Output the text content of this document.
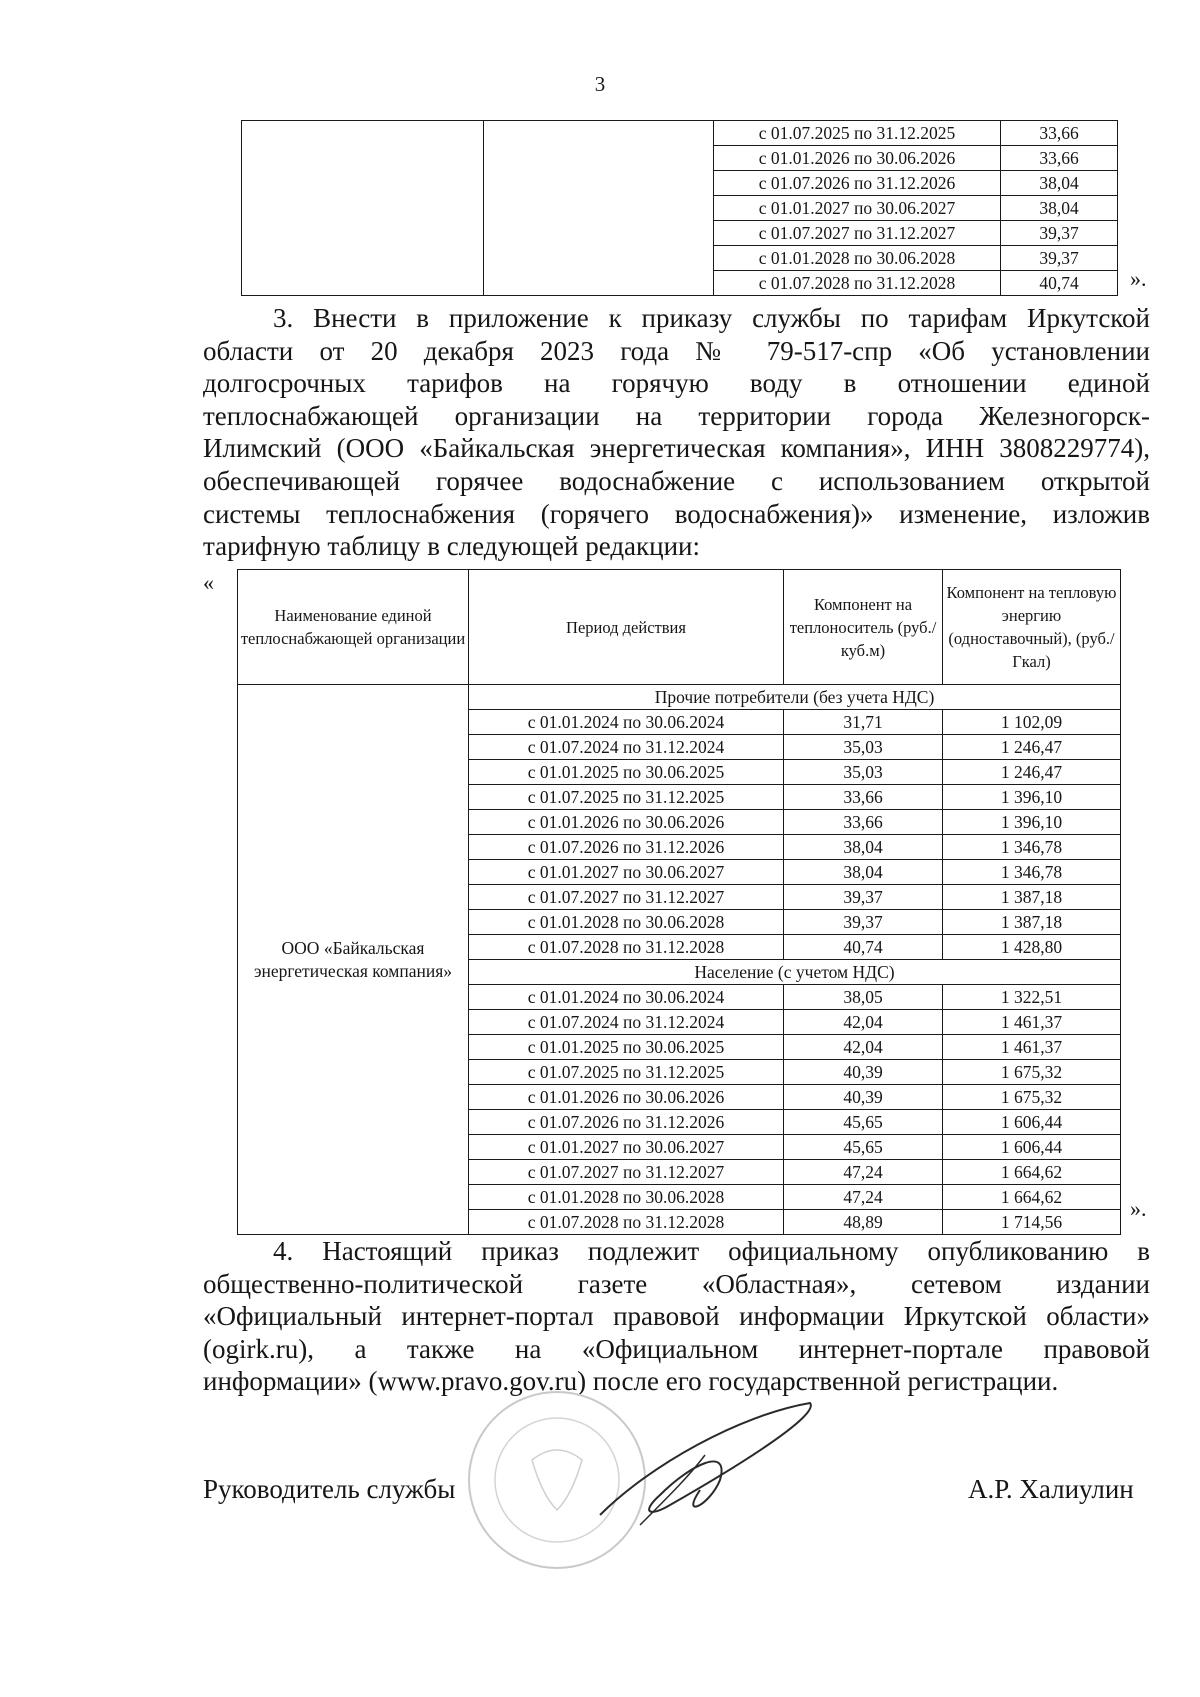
3
		с 01.07.2025 по 31.12.2025	33,66
		с 01.01.2026 по 30.06.2026	33,66
		с 01.07.2026 по 31.12.2026	38,04
		с 01.01.2027 по 30.06.2027	38,04
		с 01.07.2027 по 31.12.2027	39,37
		с 01.01.2028 по 30.06.2028	39,37
		с 01.07.2028 по 31.12.2028	40,74 ».
3. Внести в приложение к приказу службы по тарифам Иркутской
области от 20 декабря 2023 года № 79-517-спр «Об установлении
долгосрочных тарифов на горячую воду в отношении единой
теплоснабжающей организации на территории города Железногорск-
Илимский (ООО «Байкальская энергетическая компания», ИНН 3808229774),
обеспечивающей горячее водоснабжение с использованием открытой
системы теплоснабжения (горячего водоснабжения)» изменение, изложив
тарифную таблицу в следующей редакции:
«
Наименование единой теплоснабжающей организации	Период действия	Компонент на теплоноситель (руб./куб.м)	Компонент на тепловую энергию (одноставочный), (руб./Гкал)
ООО «Байкальская энергетическая компания»	Прочие потребители (без учета НДС)		
	с 01.01.2024 по 30.06.2024	31,71	1 102,09
	с 01.07.2024 по 31.12.2024	35,03	1 246,47
	с 01.01.2025 по 30.06.2025	35,03	1 246,47
	с 01.07.2025 по 31.12.2025	33,66	1 396,10
	с 01.01.2026 по 30.06.2026	33,66	1 396,10
	с 01.07.2026 по 31.12.2026	38,04	1 346,78
	с 01.01.2027 по 30.06.2027	38,04	1 346,78
	с 01.07.2027 по 31.12.2027	39,37	1 387,18
	с 01.01.2028 по 30.06.2028	39,37	1 387,18
	с 01.07.2028 по 31.12.2028	40,74	1 428,80
	Население (с учетом НДС)		
	с 01.01.2024 по 30.06.2024	38,05	1 322,51
	с 01.07.2024 по 31.12.2024	42,04	1 461,37
	с 01.01.2025 по 30.06.2025	42,04	1 461,37
	с 01.07.2025 по 31.12.2025	40,39	1 675,32
	с 01.01.2026 по 30.06.2026	40,39	1 675,32
	с 01.07.2026 по 31.12.2026	45,65	1 606,44
	с 01.01.2027 по 30.06.2027	45,65	1 606,44
	с 01.07.2027 по 31.12.2027	47,24	1 664,62
	с 01.01.2028 по 30.06.2028	47,24	1 664,62
	с 01.07.2028 по 31.12.2028	48,89	1 714,56
».
4. Настоящий приказ подлежит официальному опубликованию в
общественно-политической газете «Областная», сетевом издании
«Официальный интернет-портал правовой информации Иркутской области»
(ogirk.ru), а также на «Официальном интернет-портале правовой
информации» (www.pravo.gov.ru) после его государственной регистрации.
Руководитель службы	А.Р. Халиулин
